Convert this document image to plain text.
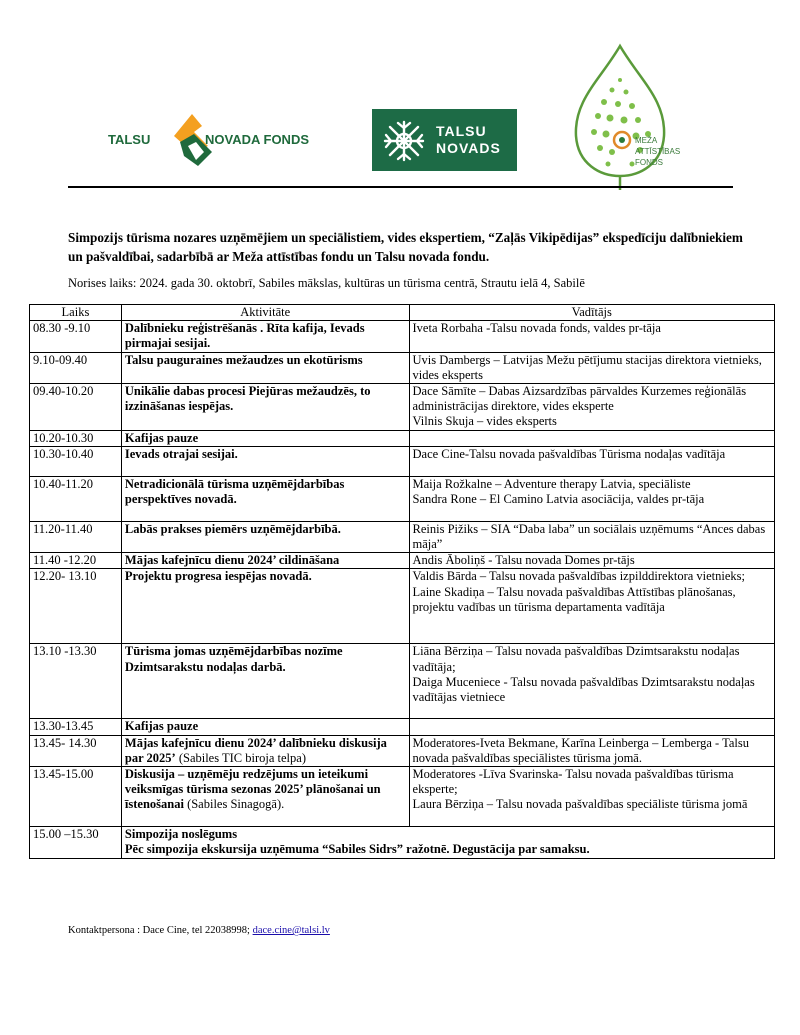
TALSU	NOVADA FONDS
TALSU
NOVADS	MEŽA
ATTĪSTĪBAS
FONDS
Simpozijs tūrisma nozares uzņēmējiem un speciālistiem, vides ekspertiem, “Zaļās Vikipēdijas” ekspedīciju dalībniekiem un pašvaldībai, sadarbībā ar Meža attīstības fondu un Talsu novada fondu.
Norises laiks: 2024. gada 30. oktobrī, Sabiles mākslas, kultūras un tūrisma centrā, Strautu ielā 4, Sabilē
Laiks	Aktivitāte	Vadītājs
08.30 -9.10	Dalībnieku reģistrēšanās . Rīta kafija, Ievads pirmajai sesijai.	Iveta Rorbaha -Talsu novada fonds, valdes pr-tāja
9.10-09.40	Talsu pauguraines mežaudzes un ekotūrisms	Uvis Dambergs – Latvijas Mežu pētījumu stacijas direktora vietnieks, vides eksperts
09.40-10.20	Unikālie dabas procesi Piejūras mežaudzēs, to izzināšanas iespējas.	Dace Sāmīte – Dabas Aizsardzības pārvaldes Kurzemes reģionālās administrācijas direktore, vides eksperte
Vilnis Skuja – vides eksperts
10.20-10.30	Kafijas pauze	
10.30-10.40	Ievads otrajai sesijai.	Dace Cine-Talsu novada pašvaldības Tūrisma nodaļas vadītāja
10.40-11.20	Netradicionālā tūrisma uzņēmējdarbības perspektīves novadā.	Maija Rožkalne – Adventure therapy Latvia, speciāliste
Sandra Rone – El Camino Latvia asociācija, valdes pr-tāja
11.20-11.40	Labās prakses piemērs uzņēmējdarbībā.	Reinis Pižiks – SIA “Daba laba” un sociālais uzņēmums “Ances dabas māja”
11.40 -12.20	Mājas kafejnīcu dienu 2024’ cildināšana	Andis Āboliņš - Talsu novada Domes pr-tājs
12.20- 13.10	Projektu progresa iespējas novadā.	Valdis Bārda – Talsu novada pašvaldības izpilddirektora vietnieks;
Laine Skadiņa – Talsu novada pašvaldības Attīstības plānošanas, projektu vadības un tūrisma departamenta vadītāja
13.10 -13.30	Tūrisma jomas uzņēmējdarbības nozīme Dzimtsarakstu nodaļas darbā.	Liāna Bērziņa – Talsu novada pašvaldības Dzimtsarakstu nodaļas vadītāja;
Daiga Muceniece - Talsu novada pašvaldības Dzimtsarakstu nodaļas vadītājas vietniece
13.30-13.45	Kafijas pauze	
13.45- 14.30	Mājas kafejnīcu dienu 2024’ dalībnieku diskusija par 2025’ (Sabiles TIC biroja telpa)	Moderatores-Iveta Bekmane, Karīna Leinberga – Lemberga - Talsu novada pašvaldības speciālistes tūrisma jomā.
13.45-15.00	Diskusija – uzņēmēju redzējums un ieteikumi veiksmīgas tūrisma sezonas 2025’ plānošanai un īstenošanai (Sabiles Sinagogā).	Moderatores -Līva Svarinska- Talsu novada pašvaldības tūrisma eksperte;
Laura Bērziņa – Talsu novada pašvaldības speciāliste tūrisma jomā
15.00 –15.30	Simpozija noslēgums
Pēc simpozija ekskursija uzņēmuma “Sabiles Sidrs” ražotnē. Degustācija par samaksu.	
Kontaktpersona : Dace Cine, tel 22038998; dace.cine@talsi.lv
